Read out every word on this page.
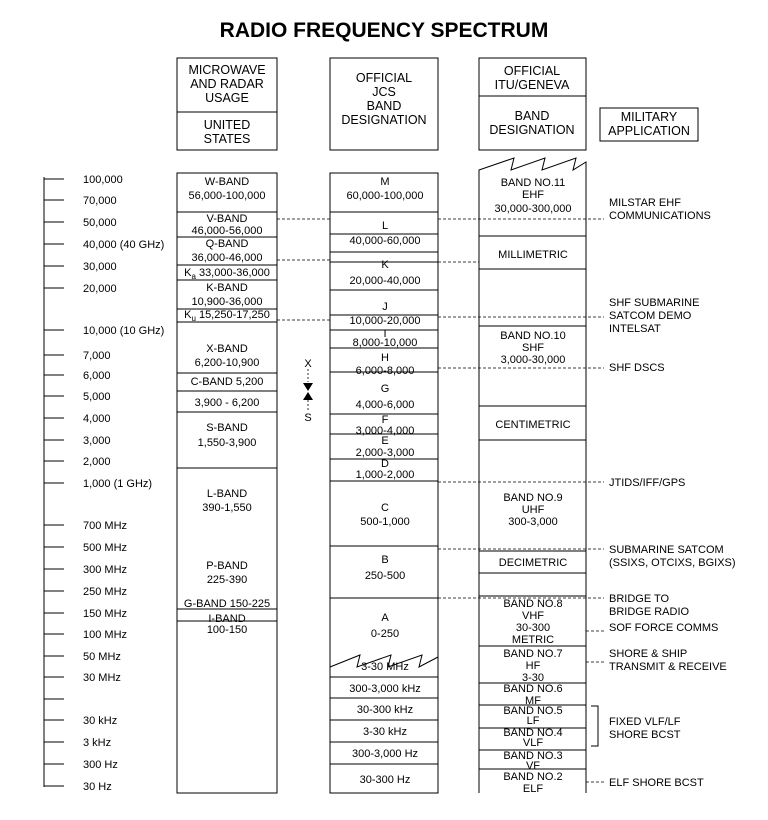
RADIO FREQUENCY SPECTRUM
MICROWAVE
AND RADAR
USAGE
UNITED
STATES
OFFICIAL
JCS
BAND
DESIGNATION
OFFICIAL
ITU/GENEVA
BAND
DESIGNATION
MILITARY
APPLICATION
100,000
70,000
50,000
40,000 (40 GHz)
30,000
20,000
10,000 (10 GHz)
7,000
6,000
5,000
4,000
3,000
2,000
1,000 (1 GHz)
700 MHz
500 MHz
300 MHz
250 MHz
150 MHz
100 MHz
50 MHz
30 MHz
30 kHz
3 kHz
300 Hz
30 Hz
X
S
W-BAND
56,000-100,000
V-BAND
46,000-56,000
Q-BAND
36,000-46,000
K-BAND
10,900-36,000
X-BAND
6,200-10,900
C-BAND 5,200
3,900 - 6,200
S-BAND
1,550-3,900
L-BAND
390-1,550
P-BAND
225-390
G-BAND 150-225
I-BAND
100-150
$K_a$ 33,000-36,000
$K_u$ 15,250-17,250
M
60,000-100,000
L
40,000-60,000
K
20,000-40,000
J
10,000-20,000
I
8,000-10,000
H
6,000-8,000
G
4,000-6,000
F
3,000-4,000
E
2,000-3,000
D
1,000-2,000
C
500-1,000
B
250-500
A
0-250
3-30 MHz
300-3,000 kHz
30-300 kHz
3-30 kHz
300-3,000 Hz
30-300 Hz
BAND NO.11
EHF
30,000-300,000
MILLIMETRIC
BAND NO.10
SHF
3,000-30,000
CENTIMETRIC
BAND NO.9
UHF
300-3,000
DECIMETRIC
BAND NO.8
VHF
30-300
METRIC
BAND NO.7
HF
3-30
BAND NO.6
MF
BAND NO.5
LF
BAND NO.4
VLF
BAND NO.3
VF
BAND NO.2
ELF
MILSTAR EHF
COMMUNICATIONS
SHF SUBMARINE
SATCOM DEMO
INTELSAT
SHF DSCS
JTIDS/IFF/GPS
SUBMARINE SATCOM
(SSIXS, OTCIXS, BGIXS)
BRIDGE TO
BRIDGE RADIO
SOF FORCE COMMS
SHORE & SHIP
TRANSMIT & RECEIVE
FIXED VLF/LF
SHORE BCST
ELF SHORE BCST
